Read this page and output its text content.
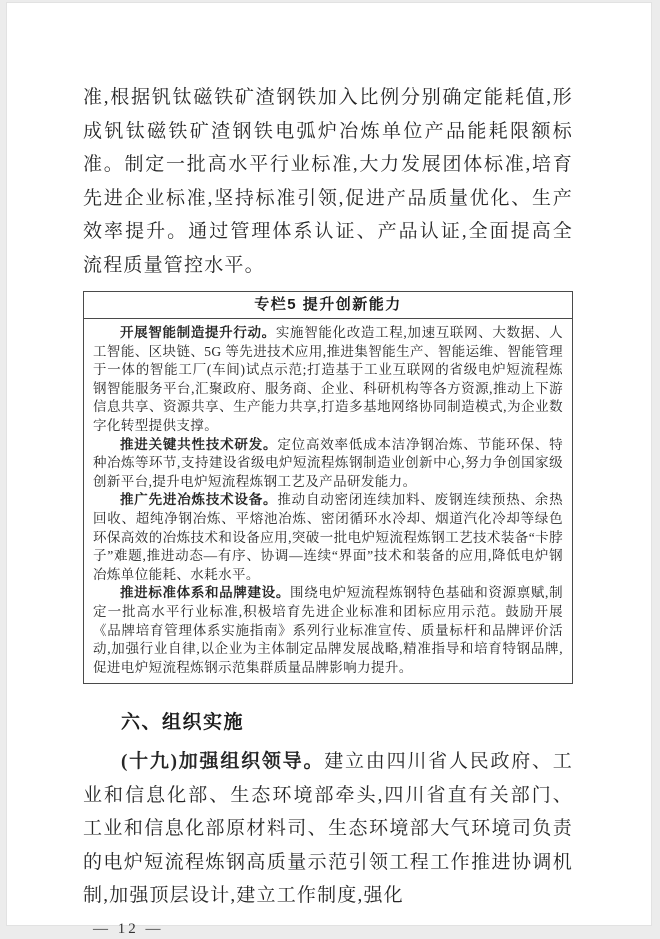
准,根据钒钛磁铁矿渣钢铁加入比例分别确定能耗值,形成钒钛磁铁矿渣钢铁电弧炉冶炼单位产品能耗限额标准。制定一批高水平行业标准,大力发展团体标准,培育先进企业标准,坚持标准引领,促进产品质量优化、生产效率提升。通过管理体系认证、产品认证,全面提高全流程质量管控水平。

专栏5 提升创新能力

开展智能制造提升行动。实施智能化改造工程,加速互联网、大数据、人工智能、区块链、5G 等先进技术应用,推进集智能生产、智能运维、智能管理于一体的智能工厂(车间)试点示范;打造基于工业互联网的省级电炉短流程炼钢智能服务平台,汇聚政府、服务商、企业、科研机构等各方资源,推动上下游信息共享、资源共享、生产能力共享,打造多基地网络协同制造模式,为企业数字化转型提供支撑。

推进关键共性技术研发。定位高效率低成本洁净钢冶炼、节能环保、特种冶炼等环节,支持建设省级电炉短流程炼钢制造业创新中心,努力争创国家级创新平台,提升电炉短流程炼钢工艺及产品研发能力。

推广先进冶炼技术设备。推动自动密闭连续加料、废钢连续预热、余热回收、超纯净钢冶炼、平熔池冶炼、密闭循环水冷却、烟道汽化冷却等绿色环保高效的冶炼技术和设备应用,突破一批电炉短流程炼钢工艺技术装备“卡脖子”难题,推进动态—有序、协调—连续“界面”技术和装备的应用,降低电炉钢冶炼单位能耗、水耗水平。

推进标准体系和品牌建设。围绕电炉短流程炼钢特色基础和资源禀赋,制定一批高水平行业标准,积极培育先进企业标准和团标应用示范。鼓励开展《品牌培育管理体系实施指南》系列行业标准宣传、质量标杆和品牌评价活动,加强行业自律,以企业为主体制定品牌发展战略,精准指导和培育特钢品牌,促进电炉短流程炼钢示范集群质量品牌影响力提升。

六、组织实施

(十九)加强组织领导。建立由四川省人民政府、工业和信息化部、生态环境部牵头,四川省直有关部门、工业和信息化部原材料司、生态环境部大气环境司负责的电炉短流程炼钢高质量示范引领工程工作推进协调机制,加强顶层设计,建立工作制度,强化

— 12 —
